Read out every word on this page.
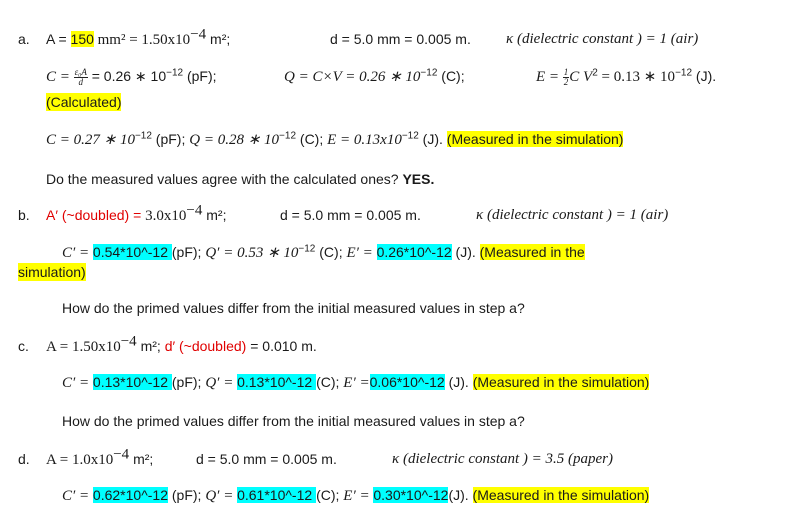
a. A = 150 $mm^2 = 1.50x10^{-4}$ m²;	d = 5.0 mm = 0.005 m. κ (dielectric constant ) = 1 (air)
$C = \frac{\text{ε₀A}}{d} = 0.26$ ∗ $10^{-12}$ (pF);	Q = C×V = 0.26 ∗ $10^{-12}$ (C);	$E = \frac{1}{2}$ C $V^2 = 0.13$ ∗ $10^{-12}$ (J).
(Calculated)
C = 0.27 ∗ $10^{-12}$ (pF); Q = 0.28 ∗ $10^{-12}$ (C); $E = 0.13x10^{-12}$ (J). (Measured in the simulation)
Do the measured values agree with the calculated ones? YES.
b. A′ (~doubled) = $3.0x10^{-4}$ m²;	d = 5.0 mm = 0.005 m.	κ (dielectric constant ) = 1 (air)
C′ = 0.54*10^-12 (pF); Q′ = 0.53 ∗ $10^{-12}$ (C); E′ = 0.26*10^-12 (J). (Measured in the
simulation)
How do the primed values differ from the initial measured values in step a?
c. $A = 1.50x10^{-4}$ m²; d′ (~doubled) = 0.010 m.
C′ = 0.13*10^-12 (pF); Q′ = 0.13*10^-12 (C); E′ =0.06*10^-12 (J). (Measured in the simulation)
How do the primed values differ from the initial measured values in step a?
d. $A = 1.0x10^{-4}$ m²;	d = 5.0 mm = 0.005 m.	κ (dielectric constant ) = 3.5 (paper)
C′ = 0.62*10^-12 (pF); Q′ = 0.61*10^-12 (C); E′ = 0.30*10^-12(J). (Measured in the simulation)
